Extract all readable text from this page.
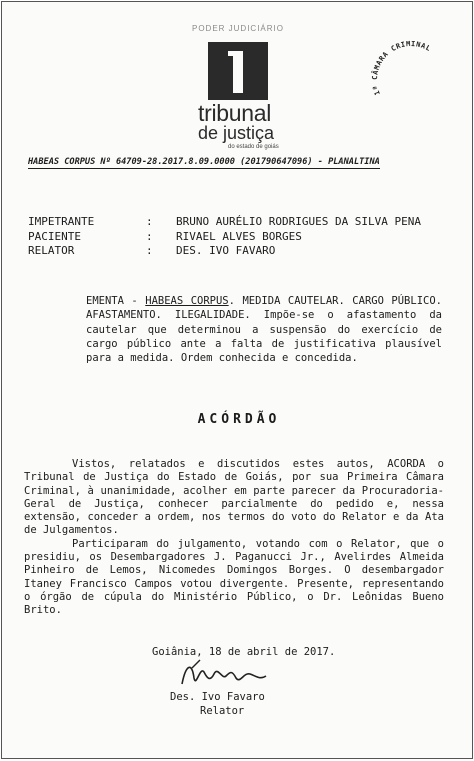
PODER JUDICIÁRIO
tribunal
de justiça
do estado de goiás
1ª CÂMARA CRIMINAL
HABEAS CORPUS Nº 64709-28.2017.8.09.0000 (201790647096) - PLANALTINA
IMPETRANTE	:	BRUNO AURÉLIO RODRIGUES DA SILVA PENA
PACIENTE	:	RIVAEL ALVES BORGES
RELATOR	:	DES. IVO FAVARO
EMENTA - HABEAS CORPUS. MEDIDA CAUTELAR. CARGO PÚBLICO. AFASTAMENTO. ILEGALIDADE. Impõe-se o afastamento da cautelar que determinou a suspensão do exercício de cargo público ante a falta de justificativa plausível para a medida. Ordem conhecida e concedida.
ACÓRDÃO

Vistos, relatados e discutidos estes autos, ACORDA o Tribunal de Justiça do Estado de Goiás, por sua Primeira Câmara Criminal, à unanimidade, acolher em parte parecer da Procuradoria-Geral de Justiça, conhecer parcialmente do pedido e, nessa extensão, conceder a ordem, nos termos do voto do Relator e da Ata de Julgamentos.

Participaram do julgamento, votando com o Relator, que o presidiu, os Desembargadores J. Paganucci Jr., Avelirdes Almeida Pinheiro de Lemos, Nicomedes Domingos Borges. O desembargador Itaney Francisco Campos votou divergente. Presente, representando o órgão de cúpula do Ministério Público, o Dr. Leônidas Bueno Brito.

Goiânia, 18 de abril de 2017.
Des. Ivo Favaro
Relator
